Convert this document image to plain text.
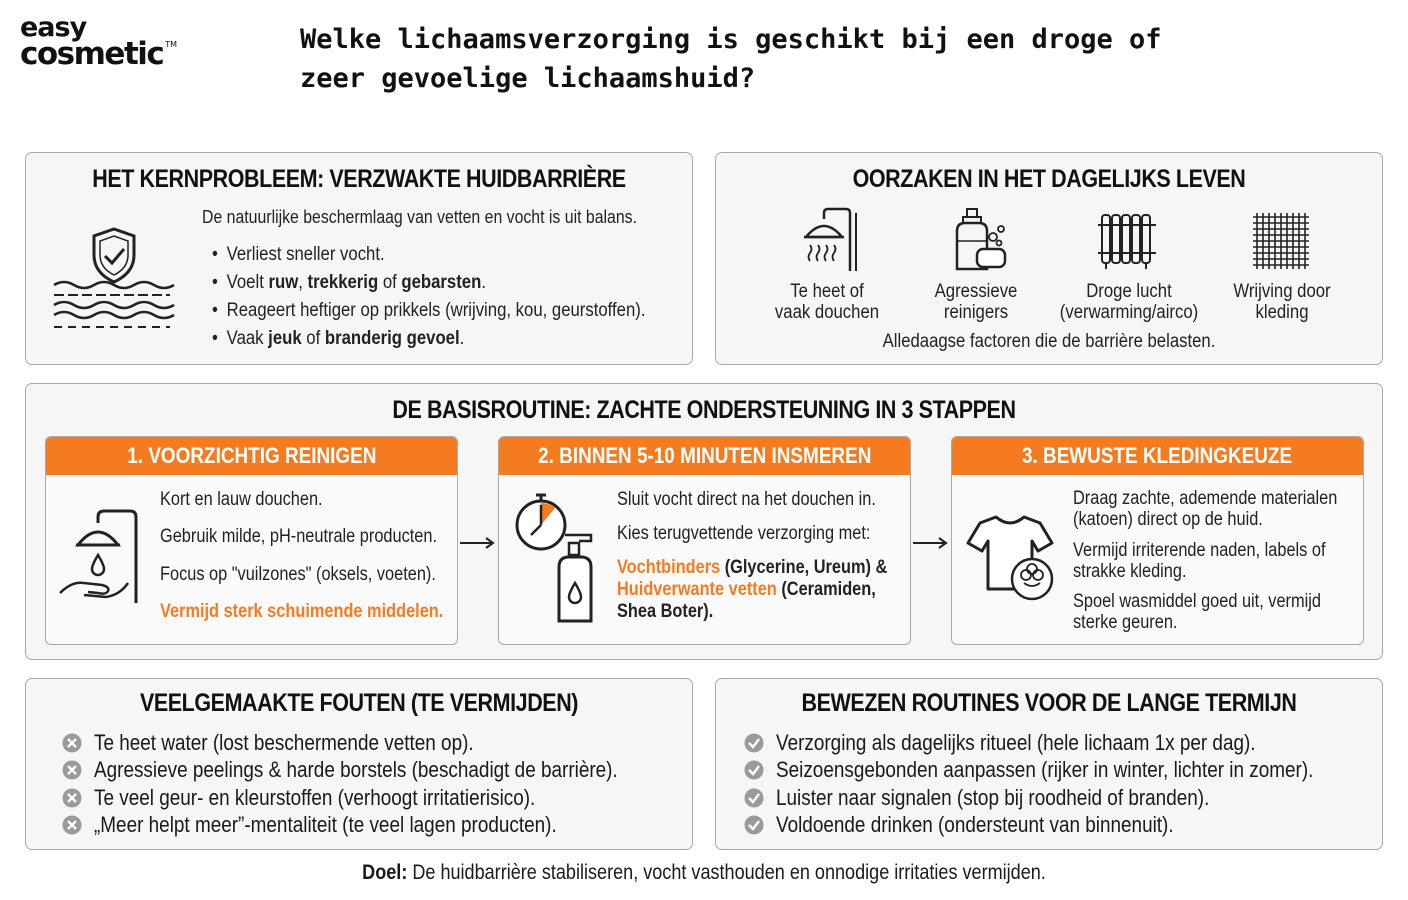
easy
cosmetic ™	Welke lichaamsverzorging is geschikt bij een droge of zeer gevoelige lichaamshuid?
HET KERNPROBLEEM: VERZWAKTE HUIDBARRIÈRE
De natuurlijke beschermlaag van vetten en vocht is uit balans.
• Verliest sneller vocht.
• Voelt ruw, trekkerig of gebarsten.
• Reageert heftiger op prikkels (wrijving, kou, geurstoffen).
• Vaak jeuk of branderig gevoel.
OORZAKEN IN HET DAGELIJKS LEVEN
Te heet of
vaak douchen
Agressieve
reinigers
Droge lucht
(verwarming/airco)
Wrijving door
kleding
Alledaagse factoren die de barrière belasten.
DE BASISROUTINE: ZACHTE ONDERSTEUNING IN 3 STAPPEN
1. VOORZICHTIG REINIGEN
Kort en lauw douchen.
Gebruik milde, pH-neutrale producten.
Focus op "vuilzones" (oksels, voeten).
Vermijd sterk schuimende middelen.
2. BINNEN 5-10 MINUTEN INSMEREN
Sluit vocht direct na het douchen in.
Kies terugvettende verzorging met:
Vochtbinders (Glycerine, Ureum) &
Huidverwante vetten (Ceramiden,
Shea Boter).
3. BEWUSTE KLEDINGKEUZE
Draag zachte, ademende materialen
(katoen) direct op de huid.
Vermijd irriterende naden, labels of
strakke kleding.
Spoel wasmiddel goed uit, vermijd
sterke geuren.
VEELGEMAAKTE FOUTEN (TE VERMIJDEN)
Te heet water (lost beschermende vetten op).
Agressieve peelings & harde borstels (beschadigt de barrière).
Te veel geur- en kleurstoffen (verhoogt irritatierisico).
„Meer helpt meer”-mentaliteit (te veel lagen producten).
BEWEZEN ROUTINES VOOR DE LANGE TERMIJN
Verzorging als dagelijks ritueel (hele lichaam 1x per dag).
Seizoensgebonden aanpassen (rijker in winter, lichter in zomer).
Luister naar signalen (stop bij roodheid of branden).
Voldoende drinken (ondersteunt van binnenuit).
Doel: De huidbarrière stabiliseren, vocht vasthouden en onnodige irritaties vermijden.
